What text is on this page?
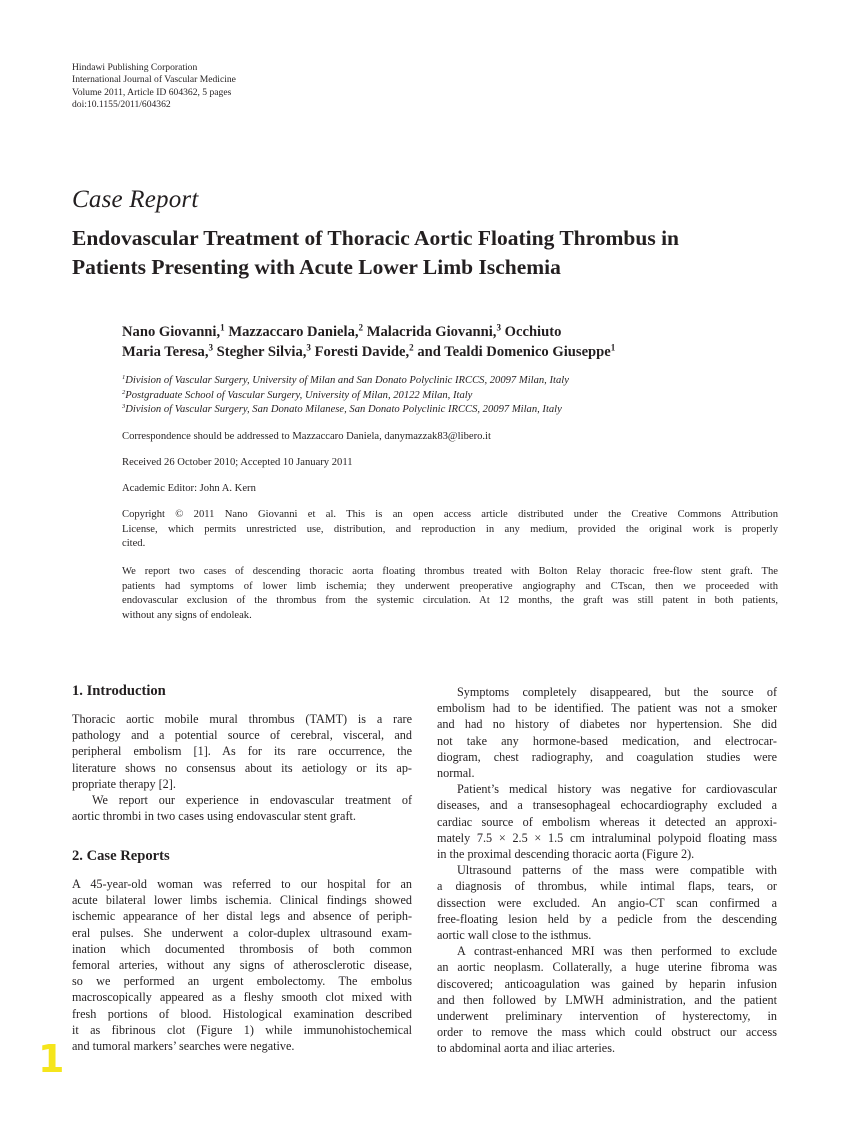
Hindawi Publishing Corporation
International Journal of Vascular Medicine
Volume 2011, Article ID 604362, 5 pages
doi:10.1155/2011/604362
Case Report
Endovascular Treatment of Thoracic Aortic Floating Thrombus in
Patients Presenting with Acute Lower Limb Ischemia
Nano Giovanni,$^1$ Mazzaccaro Daniela,$^2$ Malacrida Giovanni,$^3$ Occhiuto
Maria Teresa,$^3$ Stegher Silvia,$^3$ Foresti Davide,$^2$ and Tealdi Domenico Giuseppe$^1$
$^1$Division of Vascular Surgery, University of Milan and San Donato Polyclinic IRCCS, 20097 Milan, Italy
$^2$Postgraduate School of Vascular Surgery, University of Milan, 20122 Milan, Italy
$^3$Division of Vascular Surgery, San Donato Milanese, San Donato Polyclinic IRCCS, 20097 Milan, Italy
Correspondence should be addressed to Mazzaccaro Daniela, danymazzak83@libero.it
Received 26 October 2010; Accepted 10 January 2011
Academic Editor: John A. Kern
Copyright © 2011 Nano Giovanni et al. This is an open access article distributed under the Creative Commons Attribution
License, which permits unrestricted use, distribution, and reproduction in any medium, provided the original work is properly
cited.
We report two cases of descending thoracic aorta floating thrombus treated with Bolton Relay thoracic free-flow stent graft. The
patients had symptoms of lower limb ischemia; they underwent preoperative angiography and CTscan, then we proceeded with
endovascular exclusion of the thrombus from the systemic circulation. At 12 months, the graft was still patent in both patients,
without any signs of endoleak.
1. Introduction
Thoracic aortic mobile mural thrombus (TAMT) is a rare
pathology and a potential source of cerebral, visceral, and
peripheral embolism [1]. As for its rare occurrence, the
literature shows no consensus about its aetiology or its ap-
propriate therapy [2].
We report our experience in endovascular treatment of
aortic thrombi in two cases using endovascular stent graft.
2. Case Reports
A 45-year-old woman was referred to our hospital for an
acute bilateral lower limbs ischemia. Clinical findings showed
ischemic appearance of her distal legs and absence of periph-
eral pulses. She underwent a color-duplex ultrasound exam-
ination which documented thrombosis of both common
femoral arteries, without any signs of atherosclerotic disease,
so we performed an urgent embolectomy. The embolus
macroscopically appeared as a fleshy smooth clot mixed with
fresh portions of blood. Histological examination described
it as fibrinous clot (Figure 1) while immunohistochemical
and tumoral markers’ searches were negative.
Symptoms completely disappeared, but the source of
embolism had to be identified. The patient was not a smoker
and had no history of diabetes nor hypertension. She did
not take any hormone-based medication, and electrocar-
diogram, chest radiography, and coagulation studies were
normal.
Patient’s medical history was negative for cardiovascular
diseases, and a transesophageal echocardiography excluded a
cardiac source of embolism whereas it detected an approxi-
mately 7.5 × 2.5 × 1.5 cm intraluminal polypoid floating mass
in the proximal descending thoracic aorta (Figure 2).
Ultrasound patterns of the mass were compatible with
a diagnosis of thrombus, while intimal flaps, tears, or
dissection were excluded. An angio-CT scan confirmed a
free-floating lesion held by a pedicle from the descending
aortic wall close to the isthmus.
A contrast-enhanced MRI was then performed to exclude
an aortic neoplasm. Collaterally, a huge uterine fibroma was
discovered; anticoagulation was gained by heparin infusion
and then followed by LMWH administration, and the patient
underwent preliminary intervention of hysterectomy, in
order to remove the mass which could obstruct our access
to abdominal aorta and iliac arteries.
1
